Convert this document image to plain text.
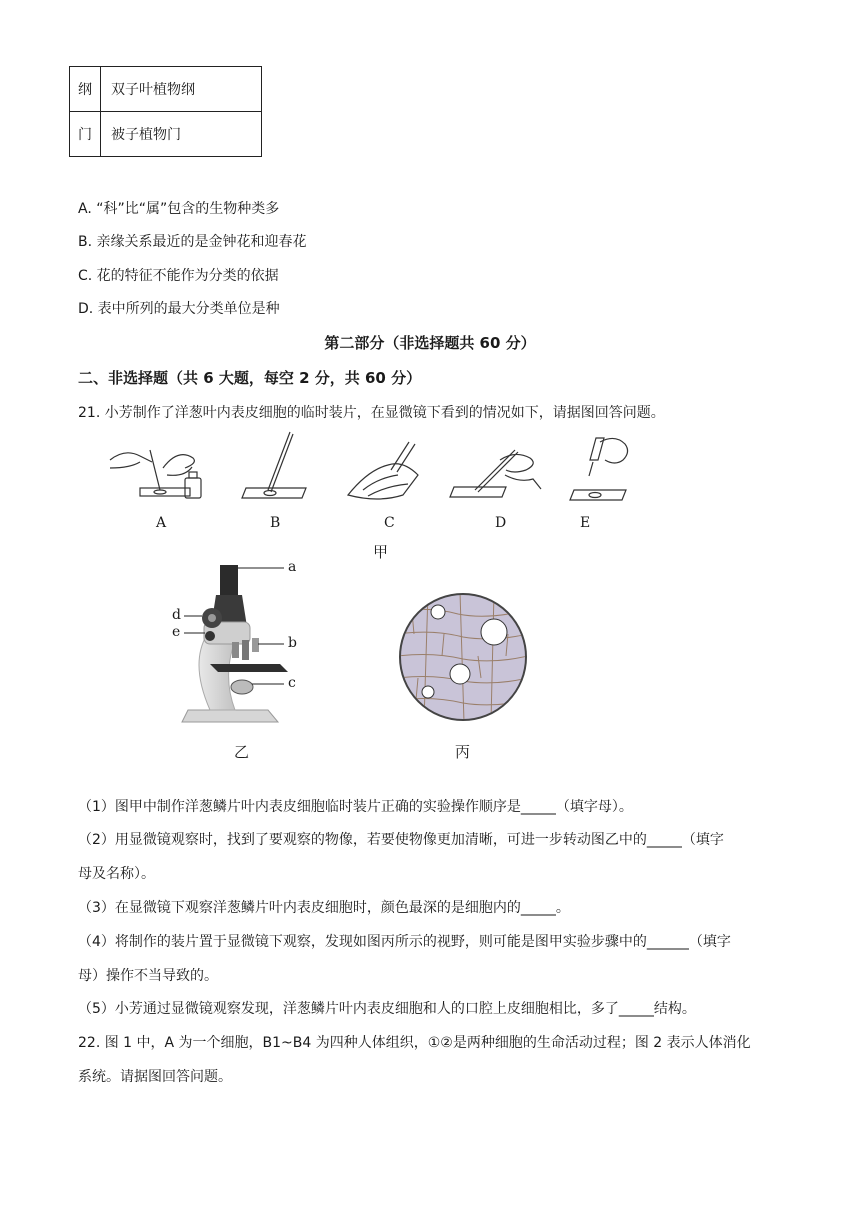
纲	双子叶植物纲
门	被子植物门
A. “科”比“属”包含的生物种类多
B. 亲缘关系最近的是金钟花和迎春花
C. 花的特征不能作为分类的依据
D. 表中所列的最大分类单位是种
第二部分（非选择题共 60 分）
二、非选择题（共 6 大题，每空 2 分，共 60 分）
21. 小芳制作了洋葱叶内表皮细胞的临时装片，在显微镜下看到的情况如下，请据图回答问题。
A	B	C	D	E
甲
a
b
c
d
e
乙	丙
（1）图甲中制作洋葱鳞片叶内表皮细胞临时装片正确的实验操作顺序是_____（填字母）。
（2）用显微镜观察时，找到了要观察的物像，若要使物像更加清晰，可进一步转动图乙中的_____（填字
母及名称）。
（3）在显微镜下观察洋葱鳞片叶内表皮细胞时，颜色最深的是细胞内的_____。
（4）将制作的装片置于显微镜下观察，发现如图丙所示的视野，则可能是图甲实验步骤中的______（填字
母）操作不当导致的。
（5）小芳通过显微镜观察发现，洋葱鳞片叶内表皮细胞和人的口腔上皮细胞相比，多了_____结构。
22. 图 1 中，A 为一个细胞，B1~B4 为四种人体组织，①②是两种细胞的生命活动过程；图 2 表示人体消化
系统。请据图回答问题。
